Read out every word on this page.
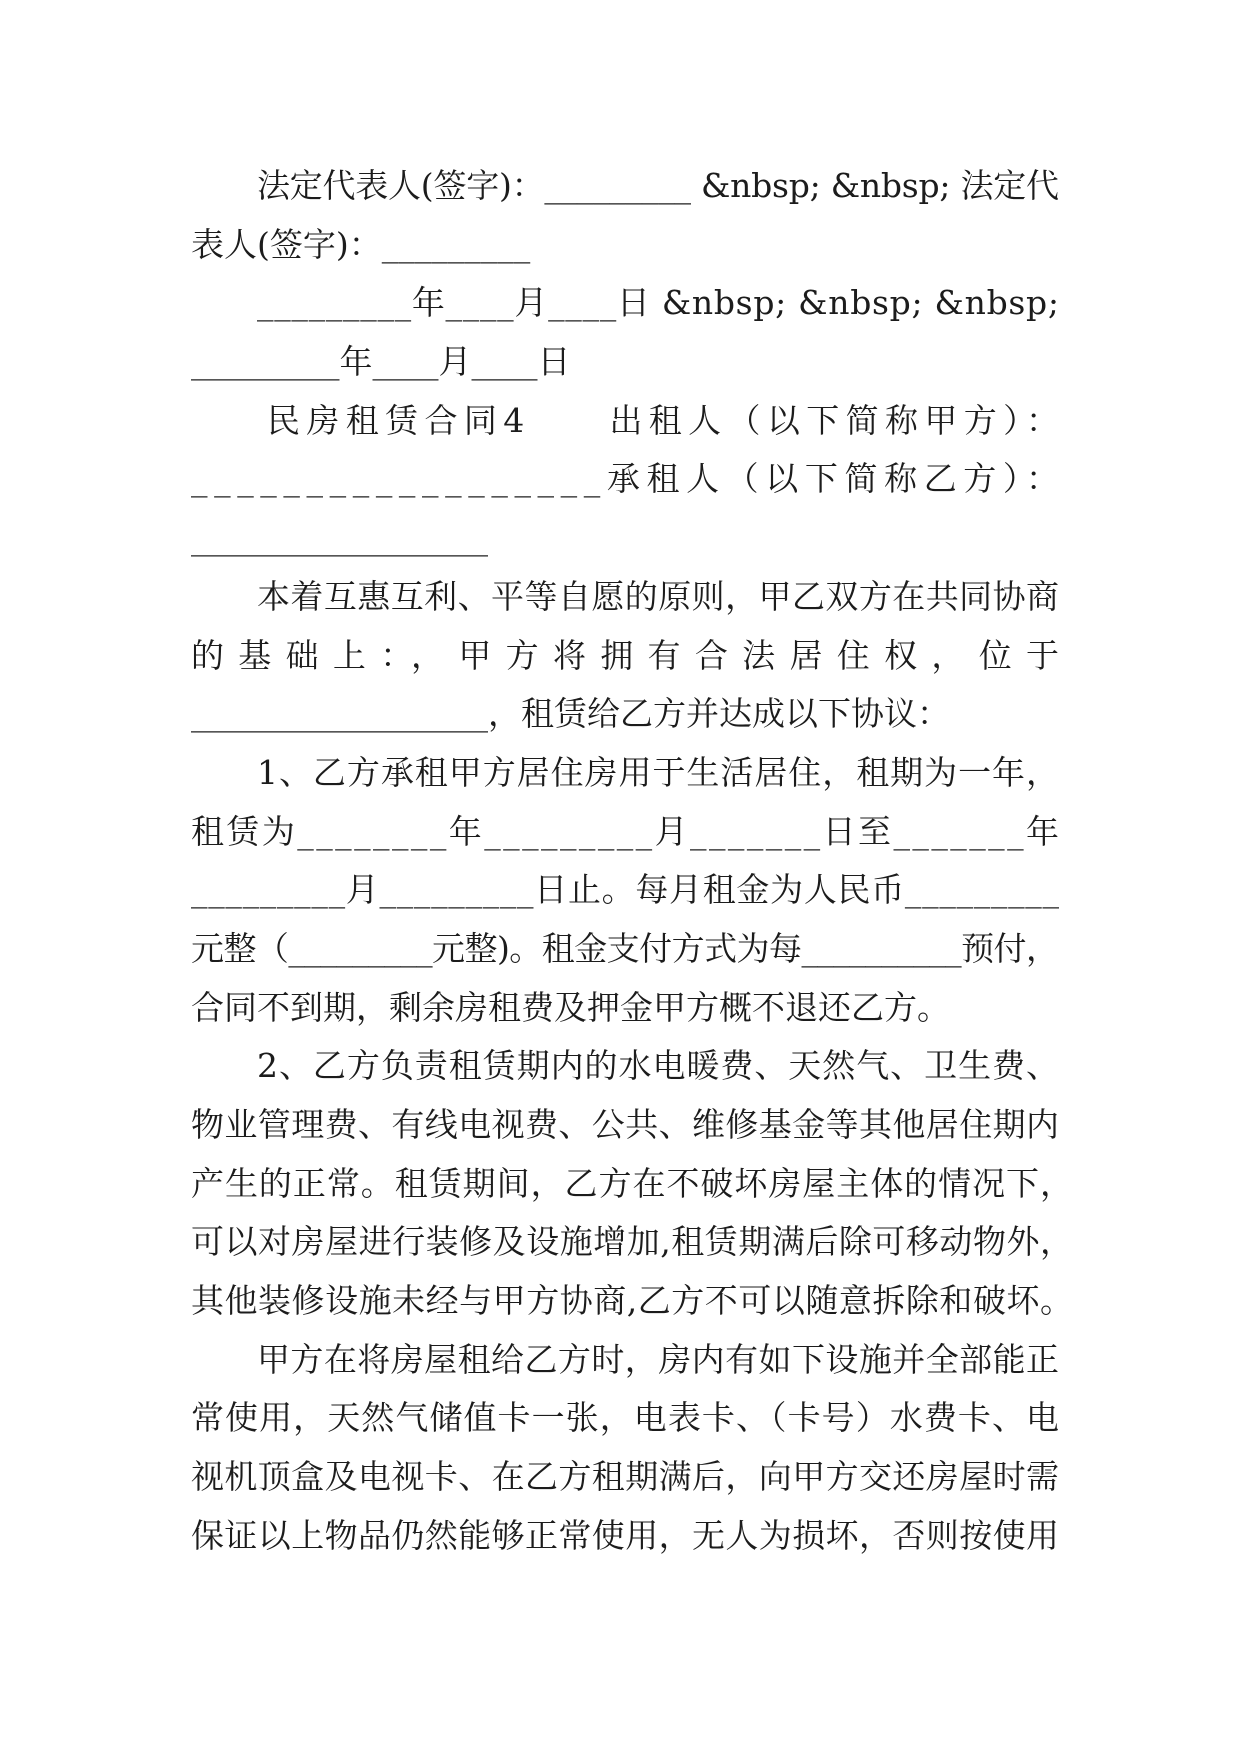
法定代表人(签字)：_________ &nbsp; &nbsp; 法定代
表人(签字)：_________
_________年____月____日 &nbsp; &nbsp; &nbsp;
_________年____月____日
民房租赁合同4　　出租人（以下简称甲方）：
__________________承租人（以下简称乙方）：
__________________
本着互惠互利、平等自愿的原则，甲乙双方在共同协商
的基础上：，甲方将拥有合法居住权，位于
__________________，租赁给乙方并达成以下协议：
1、乙方承租甲方居住房用于生活居住，租期为一年，
租赁为________年_________月_______日至_______年
_________月_________日止。每月租金为人民币_________
元整（_________元整)。租金支付方式为每__________预付，
合同不到期，剩余房租费及押金甲方概不退还乙方。
2、乙方负责租赁期内的水电暖费、天然气、卫生费、
物业管理费、有线电视费、公共、维修基金等其他居住期内
产生的正常。租赁期间，乙方在不破坏房屋主体的情况下，
可以对房屋进行装修及设施增加,租赁期满后除可移动物外，
其他装修设施未经与甲方协商,乙方不可以随意拆除和破坏。
甲方在将房屋租给乙方时，房内有如下设施并全部能正
常使用，天然气储值卡一张，电表卡、（卡号）水费卡、电
视机顶盒及电视卡、在乙方租期满后，向甲方交还房屋时需
保证以上物品仍然能够正常使用，无人为损坏，否则按使用
